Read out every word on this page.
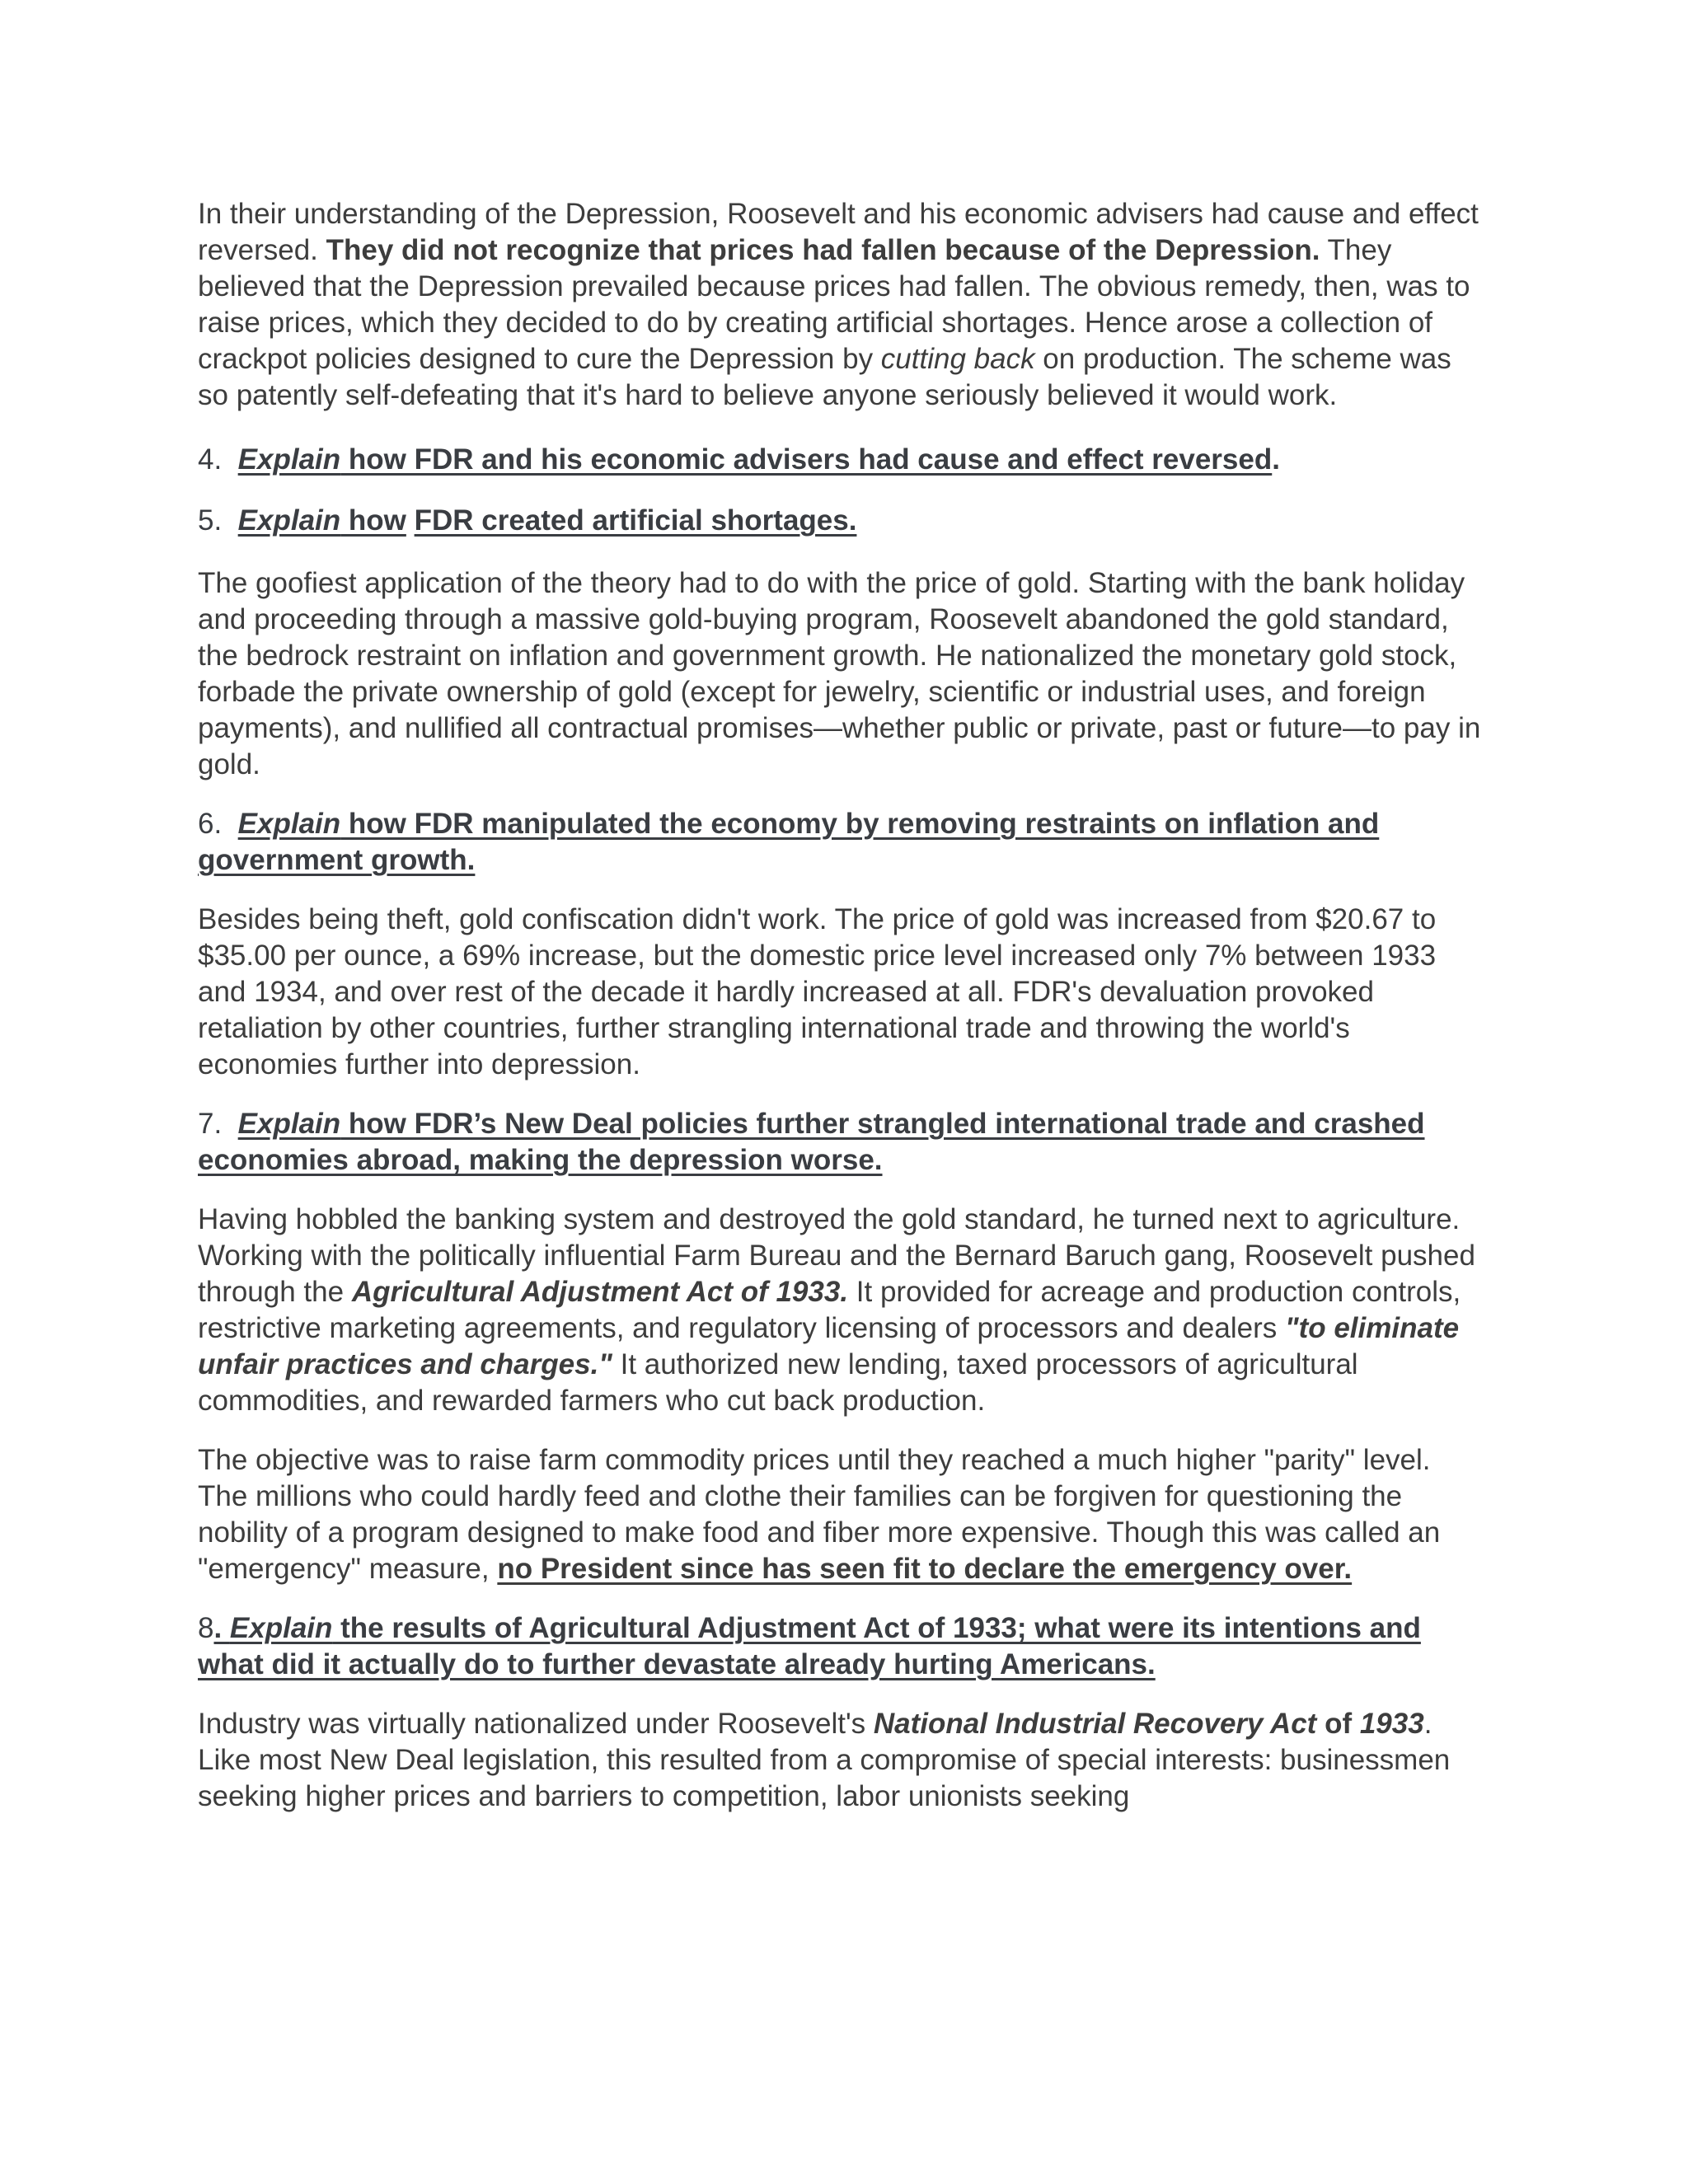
In their understanding of the Depression, Roosevelt and his economic advisers had cause and effect reversed. They did not recognize that prices had fallen because of the Depression. They believed that the Depression prevailed because prices had fallen. The obvious remedy, then, was to raise prices, which they decided to do by creating artificial shortages. Hence arose a collection of crackpot policies designed to cure the Depression by cutting back on production. The scheme was so patently self-defeating that it's hard to believe anyone seriously believed it would work.

4. Explain how FDR and his economic advisers had cause and effect reversed.

5. Explain how FDR created artificial shortages.

The goofiest application of the theory had to do with the price of gold. Starting with the bank holiday and proceeding through a massive gold-buying program, Roosevelt abandoned the gold standard, the bedrock restraint on inflation and government growth. He nationalized the monetary gold stock, forbade the private ownership of gold (except for jewelry, scientific or industrial uses, and foreign payments), and nullified all contractual promises—whether public or private, past or future—to pay in gold.

6. Explain how FDR manipulated the economy by removing restraints on inflation and government growth.

Besides being theft, gold confiscation didn't work. The price of gold was increased from $20.67 to $35.00 per ounce, a 69% increase, but the domestic price level increased only 7% between 1933 and 1934, and over rest of the decade it hardly increased at all. FDR's devaluation provoked retaliation by other countries, further strangling international trade and throwing the world's economies further into depression.

7. Explain how FDR’s New Deal policies further strangled international trade and crashed economies abroad, making the depression worse.

Having hobbled the banking system and destroyed the gold standard, he turned next to agriculture. Working with the politically influential Farm Bureau and the Bernard Baruch gang, Roosevelt pushed through the Agricultural Adjustment Act of 1933. It provided for acreage and production controls, restrictive marketing agreements, and regulatory licensing of processors and dealers "to eliminate unfair practices and charges." It authorized new lending, taxed processors of agricultural commodities, and rewarded farmers who cut back production.

The objective was to raise farm commodity prices until they reached a much higher "parity" level. The millions who could hardly feed and clothe their families can be forgiven for questioning the nobility of a program designed to make food and fiber more expensive. Though this was called an "emergency" measure, no President since has seen fit to declare the emergency over.

8. Explain the results of Agricultural Adjustment Act of 1933; what were its intentions and what did it actually do to further devastate already hurting Americans.

Industry was virtually nationalized under Roosevelt's National Industrial Recovery Act of 1933. Like most New Deal legislation, this resulted from a compromise of special interests: businessmen seeking higher prices and barriers to competition, labor unionists seeking
